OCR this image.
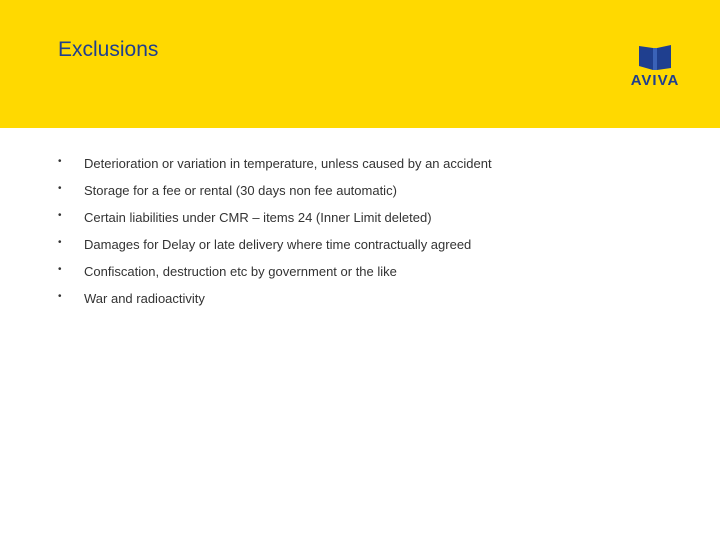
Exclusions
AVIVA
• Deterioration or variation in temperature, unless caused by an accident
• Storage for a fee or rental (30 days non fee automatic)
• Certain liabilities under CMR – items 24 (Inner Limit deleted)
• Damages for Delay or late delivery where time contractually agreed
• Confiscation, destruction etc by government or the like
• War and radioactivity
